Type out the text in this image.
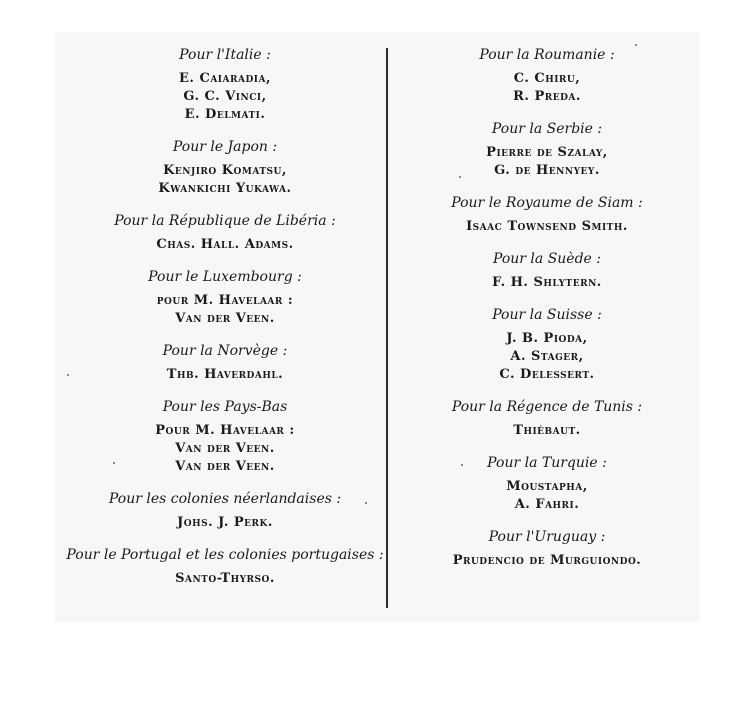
Pour l'Italie :
E. Caiaradia,
G. C. Vinci,
E. Delmati.
Pour le Japon :
Kenjiro Komatsu,
Kwankichi Yukawa.
Pour la République de Libéria :
Chas. Hall. Adams.
Pour le Luxembourg :
pour M. Havelaar :
Van der Veen.
Pour la Norvège :
Thb. Haverdahl.
Pour les Pays-Bas
Pour M. Havelaar :
Van der Veen.
Van der Veen.
Pour les colonies néerlandaises :
Johs. J. Perk.
Pour le Portugal et les colonies portugaises :
Santo-Thyrso.
Pour la Roumanie :
C. Chiru,
R. Preda.
Pour la Serbie :
Pierre de Szalay,
G. de Hennyey.
Pour le Royaume de Siam :
Isaac Townsend Smith.
Pour la Suède :
F. H. Shlytern.
Pour la Suisse :
J. B. Pioda,
A. Stager,
C. Delessert.
Pour la Régence de Tunis :
Thiébaut.
Pour la Turquie :
Moustapha,
A. Fahri.
Pour l'Uruguay :
Prudencio de Murguiondo.
